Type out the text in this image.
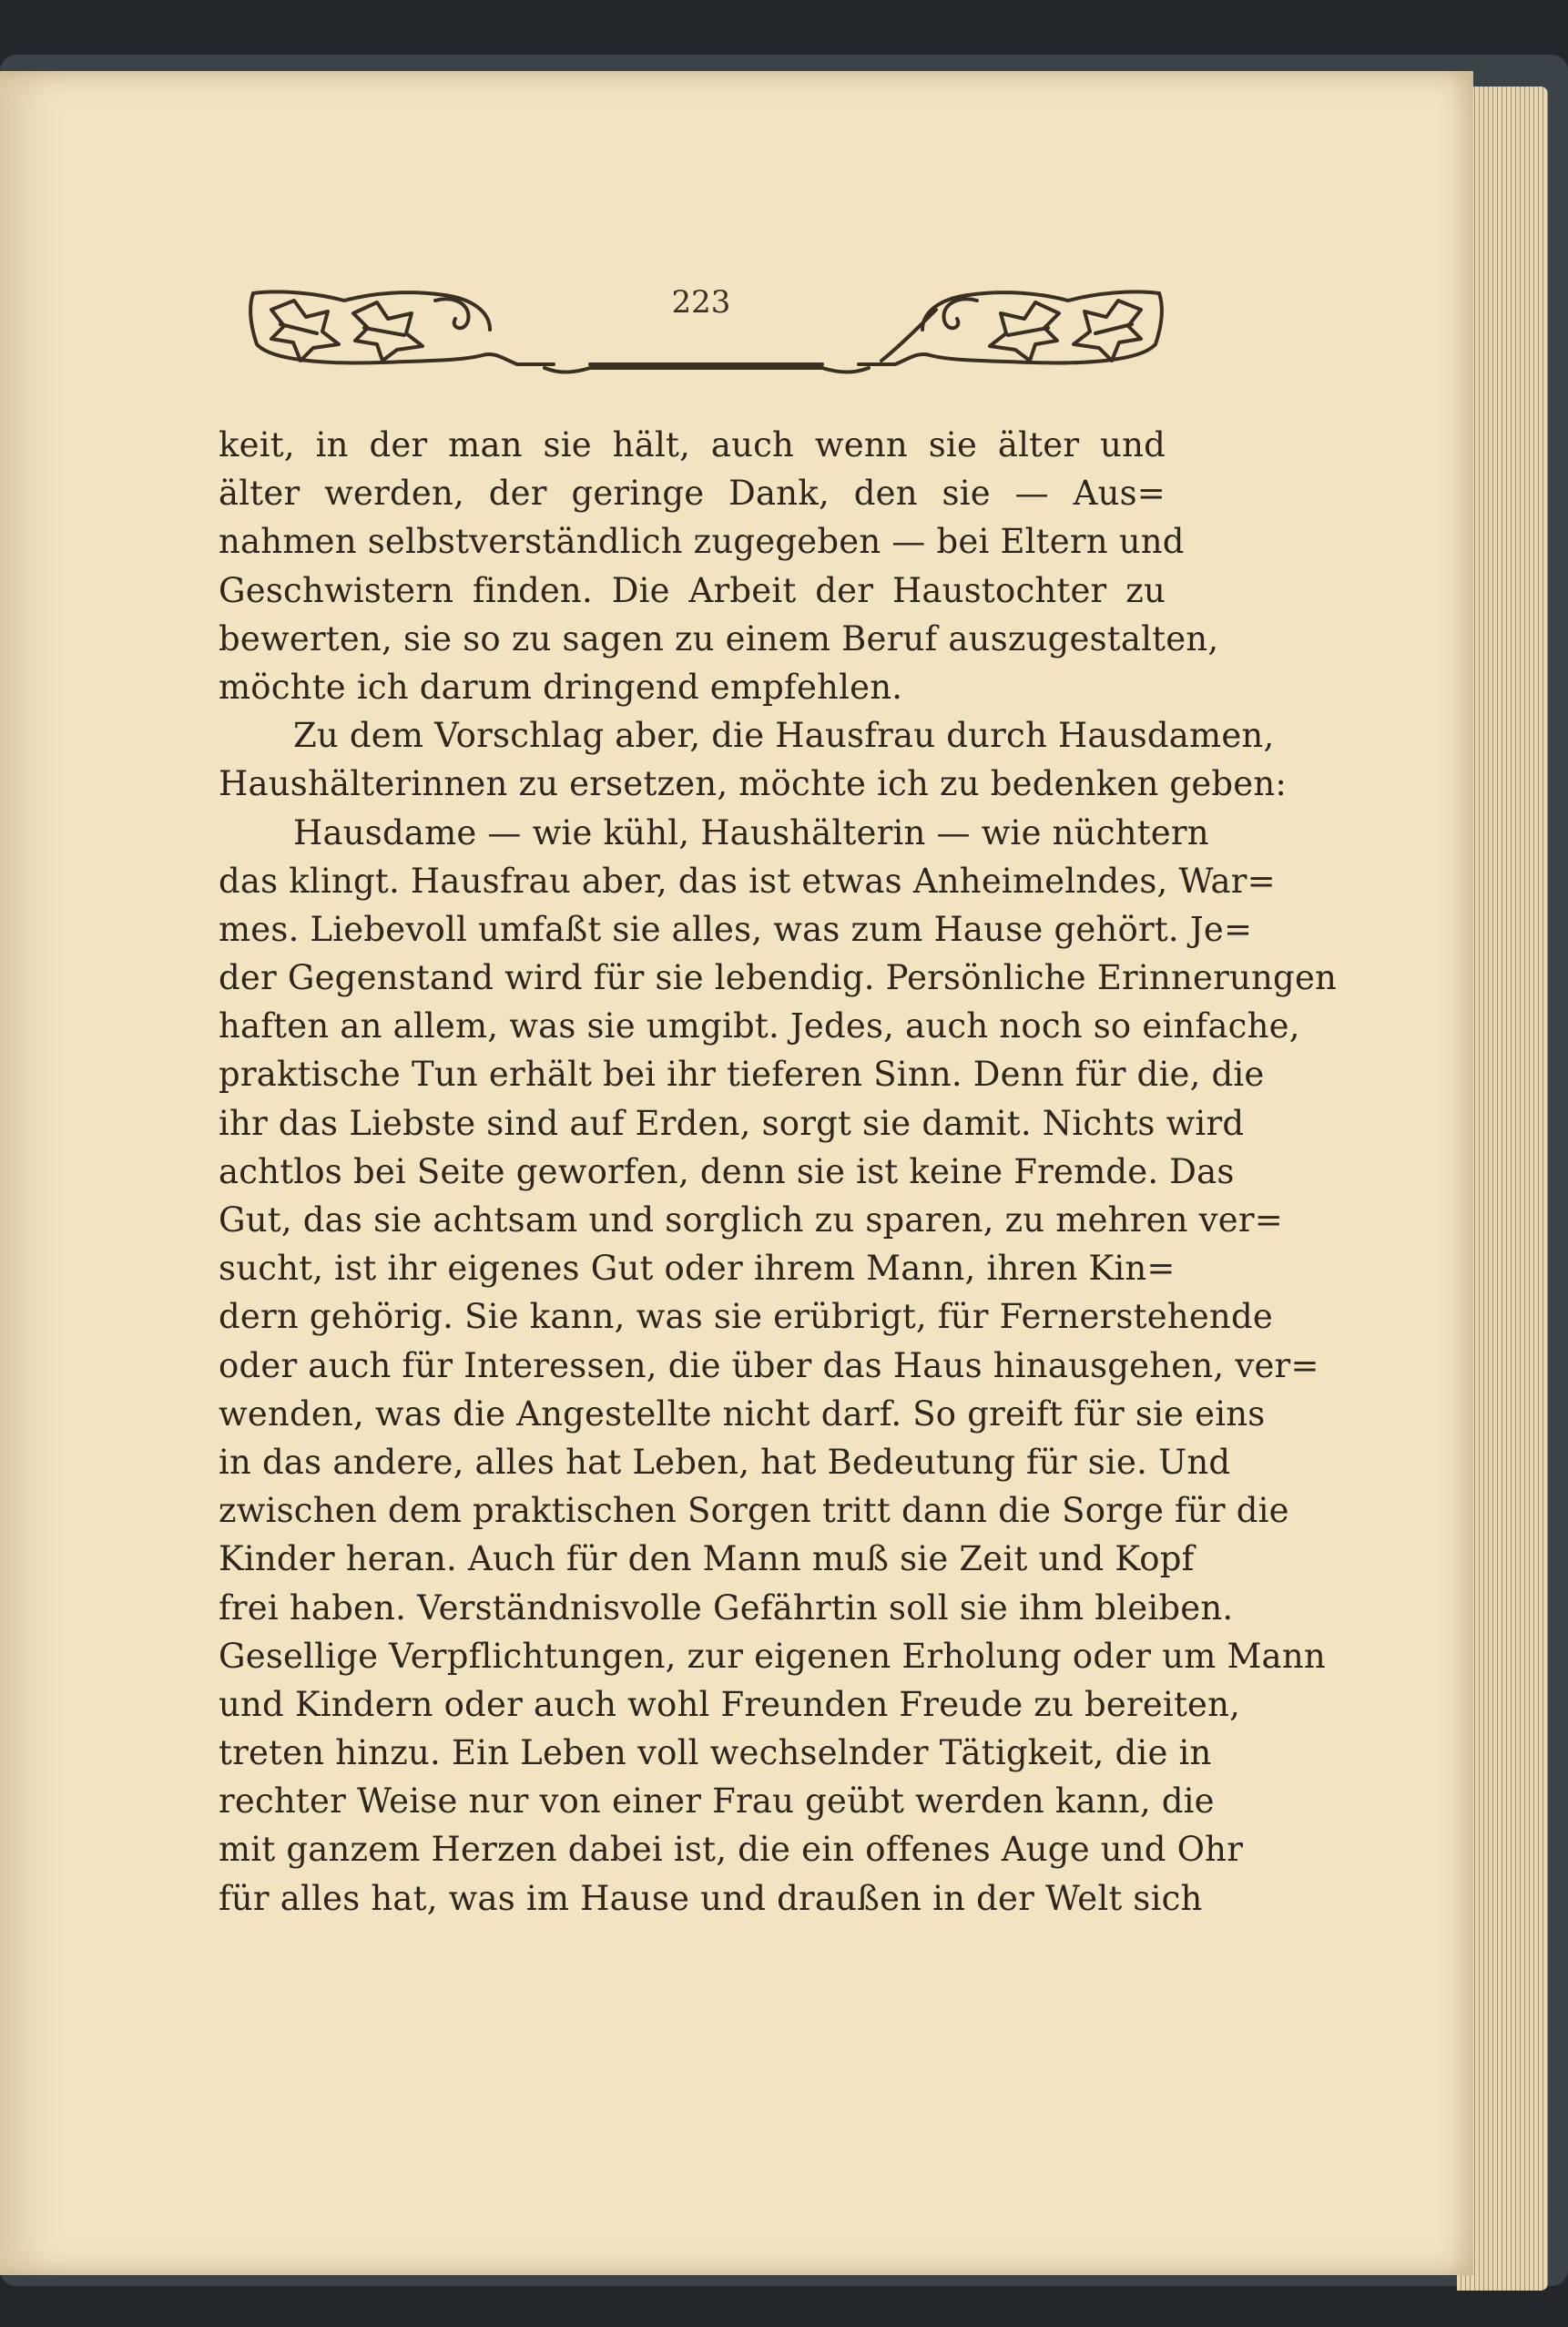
223
keit, in der man sie hält, auch wenn sie älter und
älter werden, der geringe Dank, den sie — Aus=
nahmen selbstverständlich zugegeben — bei Eltern und
Geschwistern finden. Die Arbeit der Haustochter zu
bewerten, sie so zu sagen zu einem Beruf auszugestalten,
möchte ich darum dringend empfehlen.
Zu dem Vorschlag aber, die Hausfrau durch Hausdamen,
Haushälterinnen zu ersetzen, möchte ich zu bedenken geben:
Hausdame — wie kühl, Haushälterin — wie nüchtern
das klingt. Hausfrau aber, das ist etwas Anheimelndes, War=
mes. Liebevoll umfaßt sie alles, was zum Hause gehört. Je=
der Gegenstand wird für sie lebendig. Persönliche Erinnerungen
haften an allem, was sie umgibt. Jedes, auch noch so einfache,
praktische Tun erhält bei ihr tieferen Sinn. Denn für die, die
ihr das Liebste sind auf Erden, sorgt sie damit. Nichts wird
achtlos bei Seite geworfen, denn sie ist keine Fremde. Das
Gut, das sie achtsam und sorglich zu sparen, zu mehren ver=
sucht, ist ihr eigenes Gut oder ihrem Mann, ihren Kin=
dern gehörig. Sie kann, was sie erübrigt, für Fernerstehende
oder auch für Interessen, die über das Haus hinausgehen, ver=
wenden, was die Angestellte nicht darf. So greift für sie eins
in das andere, alles hat Leben, hat Bedeutung für sie. Und
zwischen dem praktischen Sorgen tritt dann die Sorge für die
Kinder heran. Auch für den Mann muß sie Zeit und Kopf
frei haben. Verständnisvolle Gefährtin soll sie ihm bleiben.
Gesellige Verpflichtungen, zur eigenen Erholung oder um Mann
und Kindern oder auch wohl Freunden Freude zu bereiten,
treten hinzu. Ein Leben voll wechselnder Tätigkeit, die in
rechter Weise nur von einer Frau geübt werden kann, die
mit ganzem Herzen dabei ist, die ein offenes Auge und Ohr
für alles hat, was im Hause und draußen in der Welt sich
